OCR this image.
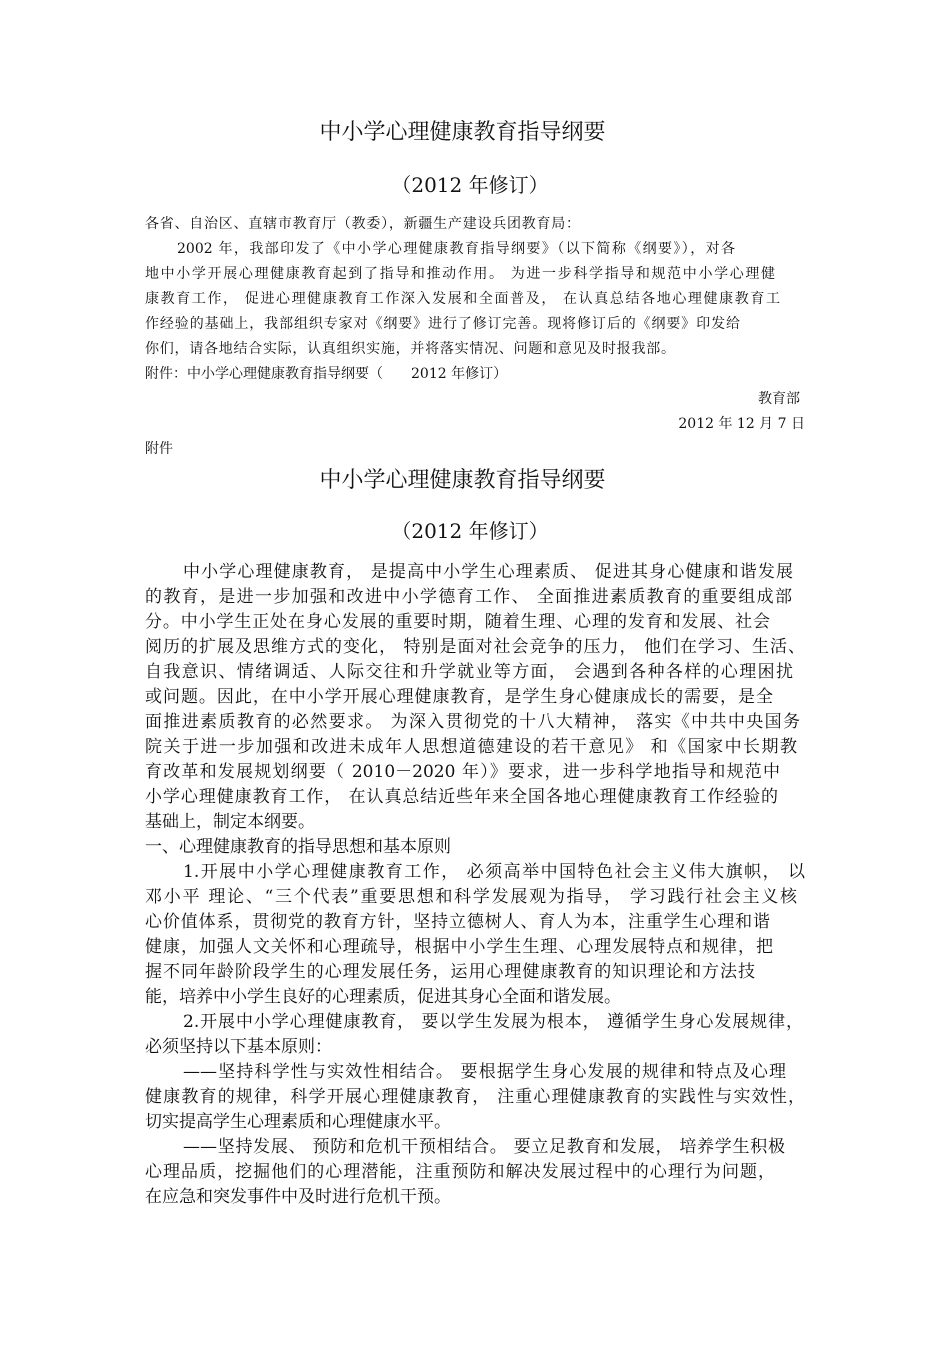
中小学心理健康教育指导纲要
（2012 年修订）
各省、自治区、直辖市教育厅（教委），新疆生产建设兵团教育局：
2002 年，我部印发了《中小学心理健康教育指导纲要》（以下简称《纲要》），对各
地中小学开展心理健康教育起到了指导和推动作用。 为进一步科学指导和规范中小学心理健
康教育工作， 促进心理健康教育工作深入发展和全面普及， 在认真总结各地心理健康教育工
作经验的基础上，我部组织专家对《纲要》进行了修订完善。现将修订后的《纲要》印发给
你们，请各地结合实际，认真组织实施，并将落实情况、问题和意见及时报我部。
附件：中小学心理健康教育指导纲要（　　2012 年修订）
教育部
2012 年 12 月 7 日
附件
中小学心理健康教育指导纲要
（2012 年修订）
中小学心理健康教育， 是提高中小学生心理素质、 促进其身心健康和谐发展
的教育，是进一步加强和改进中小学德育工作、 全面推进素质教育的重要组成部
分。中小学生正处在身心发展的重要时期，随着生理、心理的发育和发展、社会
阅历的扩展及思维方式的变化， 特别是面对社会竞争的压力， 他们在学习、生活、
自我意识、情绪调适、人际交往和升学就业等方面， 会遇到各种各样的心理困扰
或问题。因此，在中小学开展心理健康教育，是学生身心健康成长的需要，是全
面推进素质教育的必然要求。 为深入贯彻党的十八大精神， 落实《中共中央国务
院关于进一步加强和改进未成年人思想道德建设的若干意见》 和《国家中长期教
育改革和发展规划纲要（ 2010－2020 年）》要求，进一步科学地指导和规范中
小学心理健康教育工作， 在认真总结近些年来全国各地心理健康教育工作经验的
基础上，制定本纲要。
一、心理健康教育的指导思想和基本原则
1.开展中小学心理健康教育工作， 必须高举中国特色社会主义伟大旗帜， 以
邓小平 理论、“三个代表”重要思想和科学发展观为指导， 学习践行社会主义核
心价值体系，贯彻党的教育方针，坚持立德树人、育人为本，注重学生心理和谐
健康，加强人文关怀和心理疏导，根据中小学生生理、心理发展特点和规律，把
握不同年龄阶段学生的心理发展任务，运用心理健康教育的知识理论和方法技
能，培养中小学生良好的心理素质，促进其身心全面和谐发展。
2.开展中小学心理健康教育， 要以学生发展为根本， 遵循学生身心发展规律，
必须坚持以下基本原则：
——坚持科学性与实效性相结合。 要根据学生身心发展的规律和特点及心理
健康教育的规律，科学开展心理健康教育， 注重心理健康教育的实践性与实效性，
切实提高学生心理素质和心理健康水平。
——坚持发展、 预防和危机干预相结合。 要立足教育和发展， 培养学生积极
心理品质，挖掘他们的心理潜能，注重预防和解决发展过程中的心理行为问题，
在应急和突发事件中及时进行危机干预。
